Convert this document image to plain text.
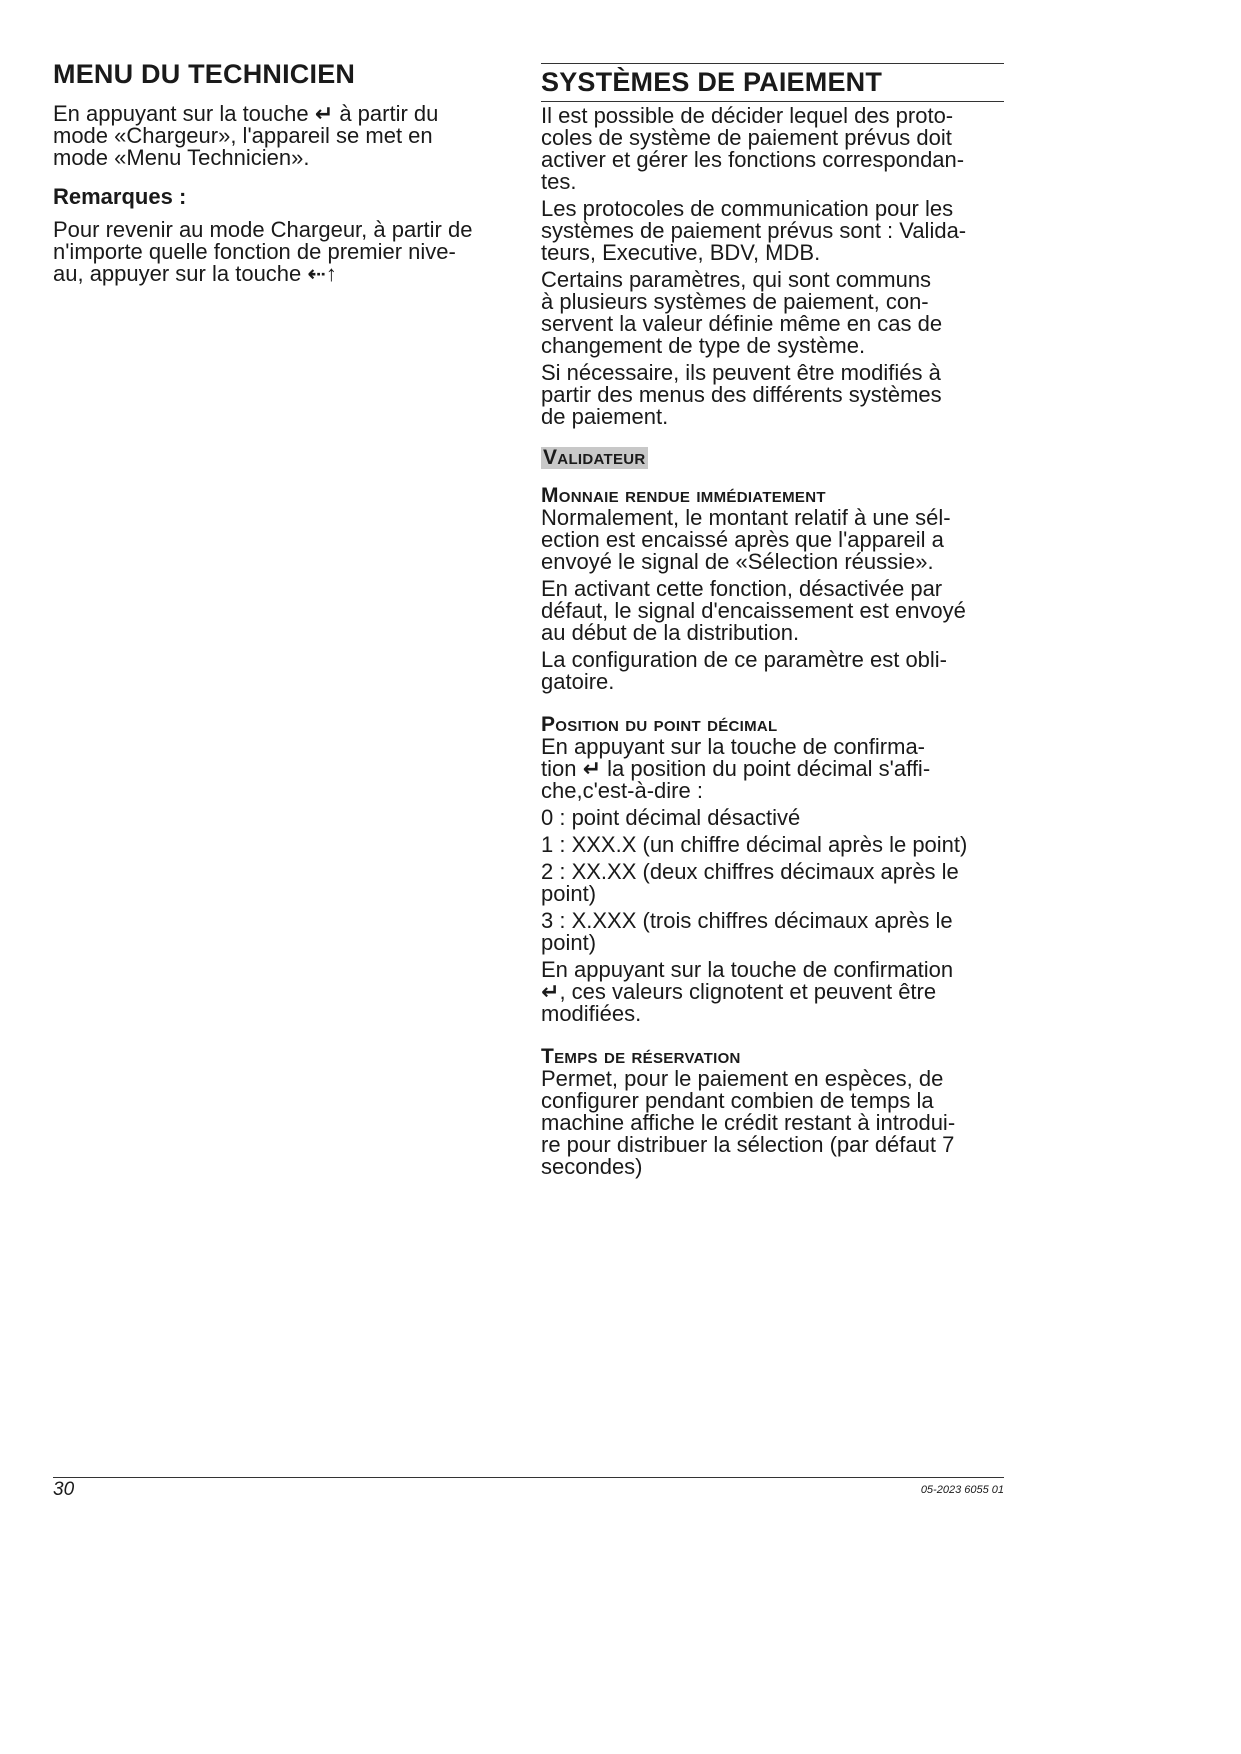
MENU DU TECHNICIEN
En appuyant sur la touche ↵ à partir du
mode «Chargeur», l'appareil se met en
mode «Menu Technicien».
Remarques :
Pour revenir au mode Chargeur, à partir de
n'importe quelle fonction de premier nive-
au, appuyer sur la touche ⇠↑
SYSTÈMES DE PAIEMENT
Il est possible de décider lequel des proto-
coles de système de paiement prévus doit
activer et gérer les fonctions correspondan-
tes.
Les protocoles de communication pour les
systèmes de paiement prévus sont : Valida-
teurs, Executive, BDV, MDB.
Certains paramètres, qui sont communs
à plusieurs systèmes de paiement, con-
servent la valeur définie même en cas de
changement de type de système.
Si nécessaire, ils peuvent être modifiés à
partir des menus des différents systèmes
de paiement.
Validateur
Monnaie rendue immédiatement
Normalement, le montant relatif à une sél-
ection est encaissé après que l'appareil a
envoyé le signal de «Sélection réussie».
En activant cette fonction, désactivée par
défaut, le signal d'encaissement est envoyé
au début de la distribution.
La configuration de ce paramètre est obli-
gatoire.
Position du point décimal
En appuyant sur la touche de confirma-
tion ↵ la position du point décimal s'affi-
che,c'est-à-dire :
0 : point décimal désactivé
1 : XXX.X (un chiffre décimal après le point)
2 : XX.XX (deux chiffres décimaux après le
point)
3 : X.XXX (trois chiffres décimaux après le
point)
En appuyant sur la touche de confirmation
↵, ces valeurs clignotent et peuvent être
modifiées.
Temps de réservation
Permet, pour le paiement en espèces, de
configurer pendant combien de temps la
machine affiche le crédit restant à introdui-
re pour distribuer la sélection (par défaut 7
secondes)
30	05-2023 6055 01
